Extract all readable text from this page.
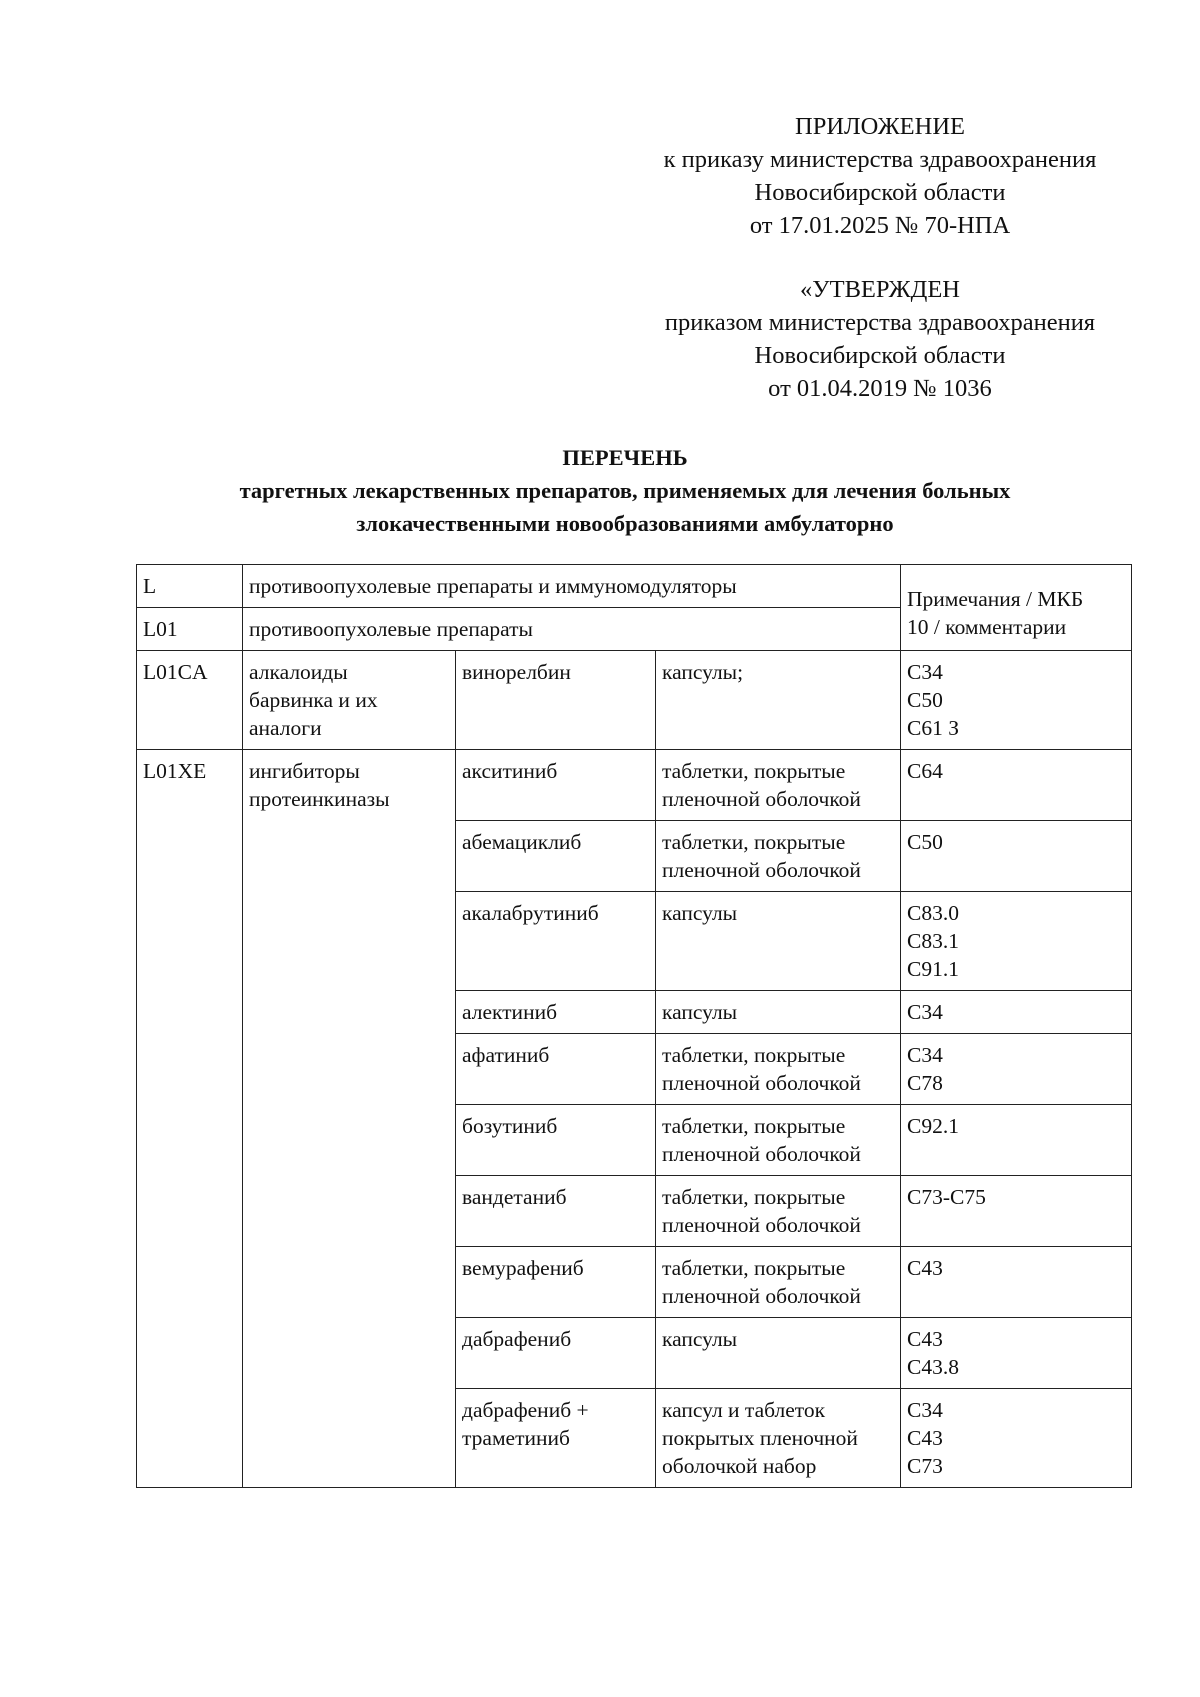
ПРИЛОЖЕНИЕ
к приказу министерства здравоохранения
Новосибирской области
от 17.01.2025 № 70-НПА
«УТВЕРЖДЕН
приказом министерства здравоохранения
Новосибирской области
от 01.04.2019 № 1036
ПЕРЕЧЕНЬ
таргетных лекарственных препаратов, применяемых для лечения больных
злокачественными новообразованиями амбулаторно
L	противоопухолевые препараты и иммуномодуляторы			Примечания / МКБ
10 / комментарии

L01	противоопухолевые препараты			

L01CA	алкалоиды
барвинка и их
аналоги	винорелбин	капсулы;	С34
С50
С61 З

L01XE	ингибиторы
протеинкиназы	акситиниб	таблетки, покрытые
пленочной оболочкой	С64

		абемациклиб	таблетки, покрытые
пленочной оболочкой	С50

		акалабрутиниб	капсулы	С83.0
С83.1
С91.1

		алектиниб	капсулы	С34

		афатиниб	таблетки, покрытые
пленочной оболочкой	С34
С78

		бозутиниб	таблетки, покрытые
пленочной оболочкой	С92.1

		вандетаниб	таблетки, покрытые
пленочной оболочкой	С73-С75

		вемурафениб	таблетки, покрытые
пленочной оболочкой	С43

		дабрафениб	капсулы	С43
С43.8

		дабрафениб +
траметиниб	капсул и таблеток
покрытых пленочной
оболочкой набор	С34
С43
С73
